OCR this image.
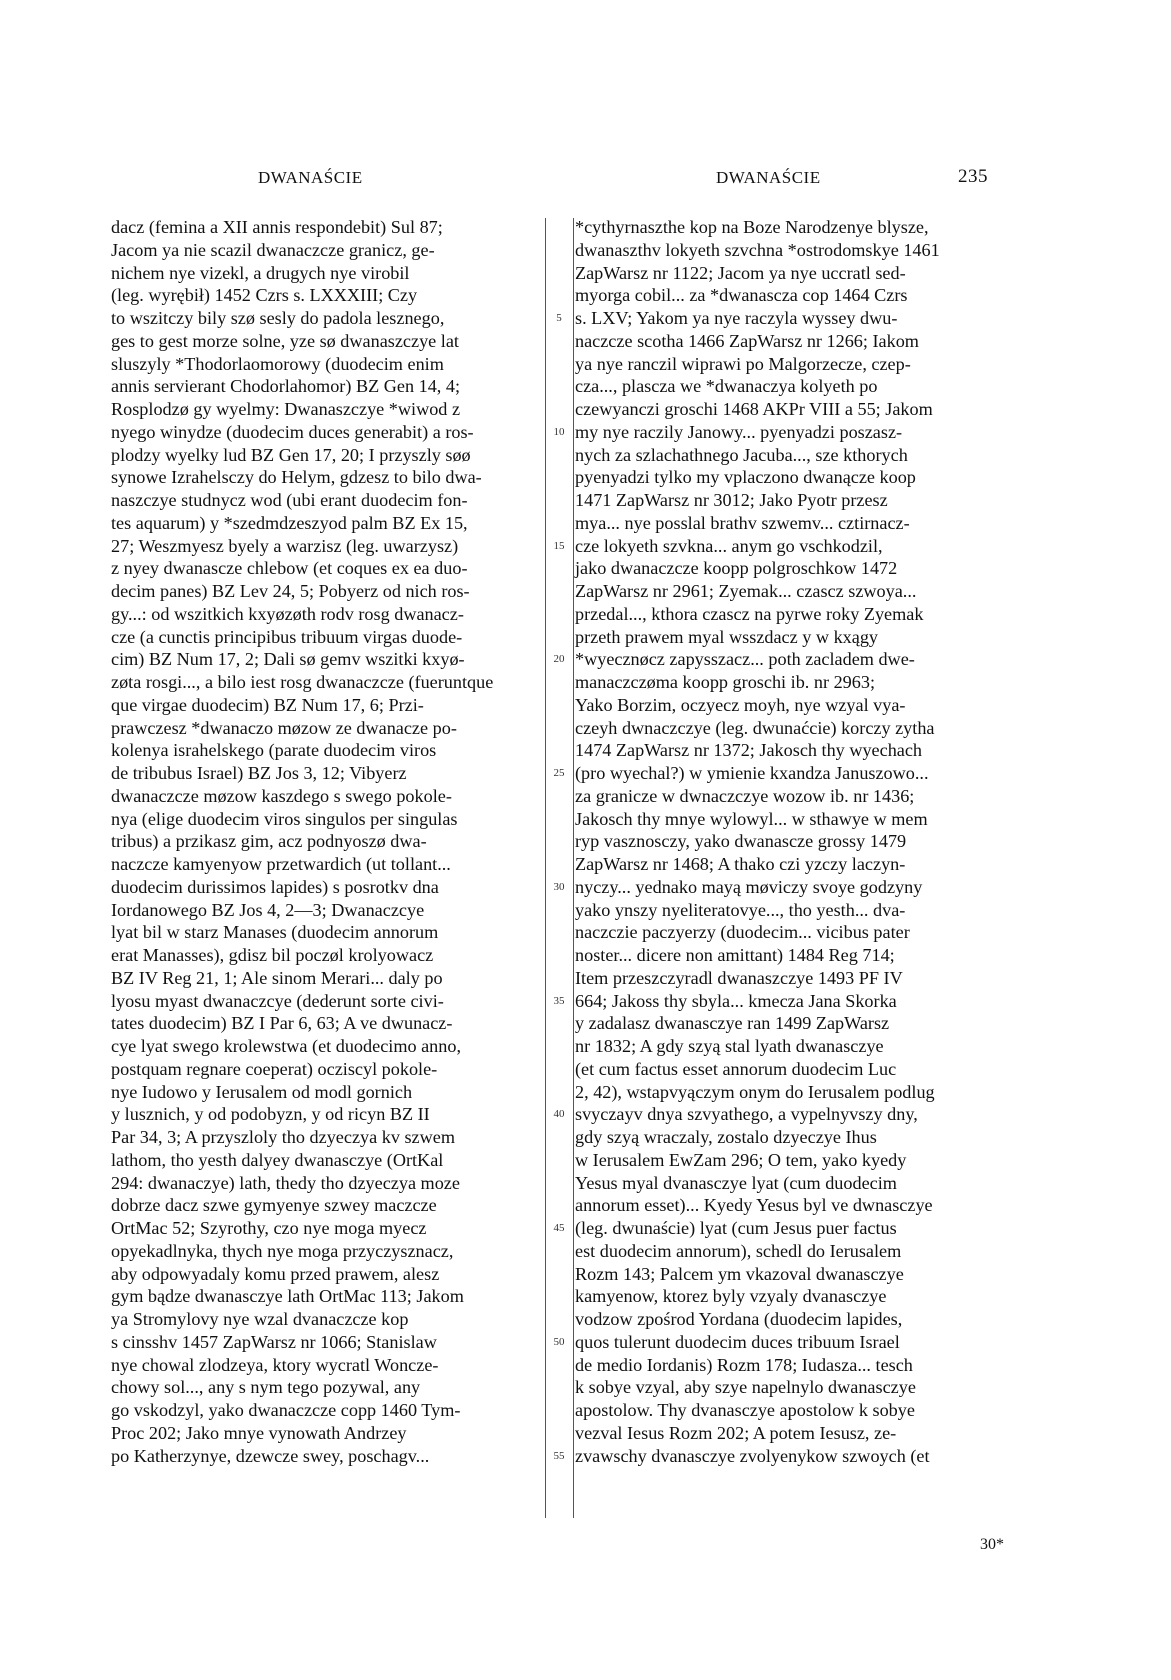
DWANAŚCIE	DWANAŚCIE	235
dacz (femina a XII annis respondebit) Sul 87;
Jacom ya nie scazil dwanaczcze granicz, ge-
nichem nye vizekl, a drugych nye virobil
(leg. wyrębił) 1452 Czrs s. LXXXIII; Czy
to wszitczy bily szø sesly do padola lesznego,
ges to gest morze solne, yze sø dwanaszczye lat
sluszyly *Thodorlaomorowy (duodecim enim
annis servierant Chodorlahomor) BZ Gen 14, 4;
Rosplodzø gy wyelmy: Dwanaszczye *wiwod z
nyego winydze (duodecim duces generabit) a ros-
plodzy wyelky lud BZ Gen 17, 20; I przyszly søø
synowe Izrahelsczy do Helym, gdzesz to bilo dwa-
naszczye studnycz wod (ubi erant duodecim fon-
tes aquarum) y *szedmdzeszyod palm BZ Ex 15,
27; Weszmyesz byely a warzisz (leg. uwarzysz)
z nyey dwanascze chlebow (et coques ex ea duo-
decim panes) BZ Lev 24, 5; Pobyerz od nich ros-
gy...: od wszitkich kxyøzøth rodv rosg dwanacz-
cze (a cunctis principibus tribuum virgas duode-
cim) BZ Num 17, 2; Dali sø gemv wszitki kxyø-
zøta rosgi..., a bilo iest rosg dwanaczcze (fueruntque
que virgae duodecim) BZ Num 17, 6; Przi-
prawczesz *dwanaczo møzow ze dwanacze po-
kolenya israhelskego (parate duodecim viros
de tribubus Israel) BZ Jos 3, 12; Vibyerz
dwanaczcze møzow kaszdego s swego pokole-
nya (elige duodecim viros singulos per singulas
tribus) a przikasz gim, acz podnyoszø dwa-
naczcze kamyenyow przetwardich (ut tollant...
duodecim durissimos lapides) s posrotkv dna
Iordanowego BZ Jos 4, 2—3; Dwanaczcye
lyat bil w starz Manases (duodecim annorum
erat Manasses), gdisz bil poczøl krolyowacz
BZ IV Reg 21, 1; Ale sinom Merari... daly po
lyosu myast dwanaczcye (dederunt sorte civi-
tates duodecim) BZ I Par 6, 63; A ve dwunacz-
cye lyat swego krolewstwa (et duodecimo anno,
postquam regnare coeperat) ocziscyl pokole-
nye Iudowo y Ierusalem od modl gornich
y lusznich, y od podobyzn, y od ricyn BZ II
Par 34, 3; A przyszloly tho dzyeczya kv szwem
lathom, tho yesth dalyey dwanasczye (OrtKal
294: dwanaczye) lath, thedy tho dzyeczya moze
dobrze dacz szwe gymyenye szwey maczcze
OrtMac 52; Szyrothy, czo nye moga myecz
opyekadlnyka, thych nye moga przyczysznacz,
aby odpowyadaly komu przed prawem, alesz
gym bądze dwanasczye lath OrtMac 113; Jakom
ya Stromylovy nye wzal dvanaczcze kop
s cinsshv 1457 ZapWarsz nr 1066; Stanislaw
nye chowal zlodzeya, ktory wycratl Woncze-
chowy sol..., any s nym tego pozywal, any
go vskodzyl, yako dwanaczcze copp 1460 Tym-
Proc 202; Jako mnye vynowath Andrzey
po Katherzynye, dzewcze swey, poschagv...
5
10
15
20
25
30
35
40
45
50
55
*cythyrnaszthe kop na Boze Narodzenye blysze,
dwanaszthv lokyeth szvchna *ostrodomskye 1461
ZapWarsz nr 1122; Jacom ya nye uccratl sed-
myorga cobil... za *dwanascza cop 1464 Czrs
s. LXV; Yakom ya nye raczyla wyssey dwu-
naczcze scotha 1466 ZapWarsz nr 1266; Iakom
ya nye ranczil wiprawi po Malgorzecze, czep-
cza..., plascza we *dwanaczya kolyeth po
czewyanczi groschi 1468 AKPr VIII a 55; Jakom
my nye raczily Janowy... pyenyadzi poszasz-
nych za szlachathnego Jacuba..., sze kthorych
pyenyadzi tylko my vplaczono dwanącze koop
1471 ZapWarsz nr 3012; Jako Pyotr przesz
mya... nye posslal brathv szwemv... cztirnacz-
cze lokyeth szvkna... anym go vschkodzil,
jako dwanaczcze koopp polgroschkow 1472
ZapWarsz nr 2961; Zyemak... czascz szwoya...
przedal..., kthora czascz na pyrwe roky Zyemak
przeth prawem myal wsszdacz y w kxągy
*wyecznøcz zapysszacz... poth zacladem dwe-
manaczczøma koopp groschi ib. nr 2963;
Yako Borzim, oczyecz moyh, nye wzyal vya-
czeyh dwnaczczye (leg. dwunaćcie) korczy zytha
1474 ZapWarsz nr 1372; Jakosch thy wyechach
(pro wyechal?) w ymienie kxandza Januszowo...
za granicze w dwnaczczye wozow ib. nr 1436;
Jakosch thy mnye wylowyl... w sthawye w mem
ryp vasznosczy, yako dwanascze grossy 1479
ZapWarsz nr 1468; A thako czi yzczy laczyn-
nyczy... yednako mayą møviczy svoye godzyny
yako ynszy nyeliteratovye..., tho yesth... dva-
naczczie paczyerzy (duodecim... vicibus pater
noster... dicere non amittant) 1484 Reg 714;
Item przeszczyradl dwanaszczye 1493 PF IV
664; Jakoss thy sbyla... kmecza Jana Skorka
y zadalasz dwanasczye ran 1499 ZapWarsz
nr 1832; A gdy szyą stal lyath dwanasczye
(et cum factus esset annorum duodecim Luc
2, 42), wstapvyączym onym do Ierusalem podlug
svyczayv dnya szvyathego, a vypelnyvszy dny,
gdy szyą wraczaly, zostalo dzyeczye Ihus
w Ierusalem EwZam 296; O tem, yako kyedy
Yesus myal dvanasczye lyat (cum duodecim
annorum esset)... Kyedy Yesus byl ve dwnasczye
(leg. dwunaście) lyat (cum Jesus puer factus
est duodecim annorum), schedl do Ierusalem
Rozm 143; Palcem ym vkazoval dwanasczye
kamyenow, ktorez byly vzyaly dvanasczye
vodzow zpośrod Yordana (duodecim lapides,
quos tulerunt duodecim duces tribuum Israel
de medio Iordanis) Rozm 178; Iudasza... tesch
k sobye vzyal, aby szye napelnylo dwanasczye
apostolow. Thy dvanasczye apostolow k sobye
vezval Iesus Rozm 202; A potem Iesusz, ze-
zvawschy dvanasczye zvolyenykow szwoych (et
30*
